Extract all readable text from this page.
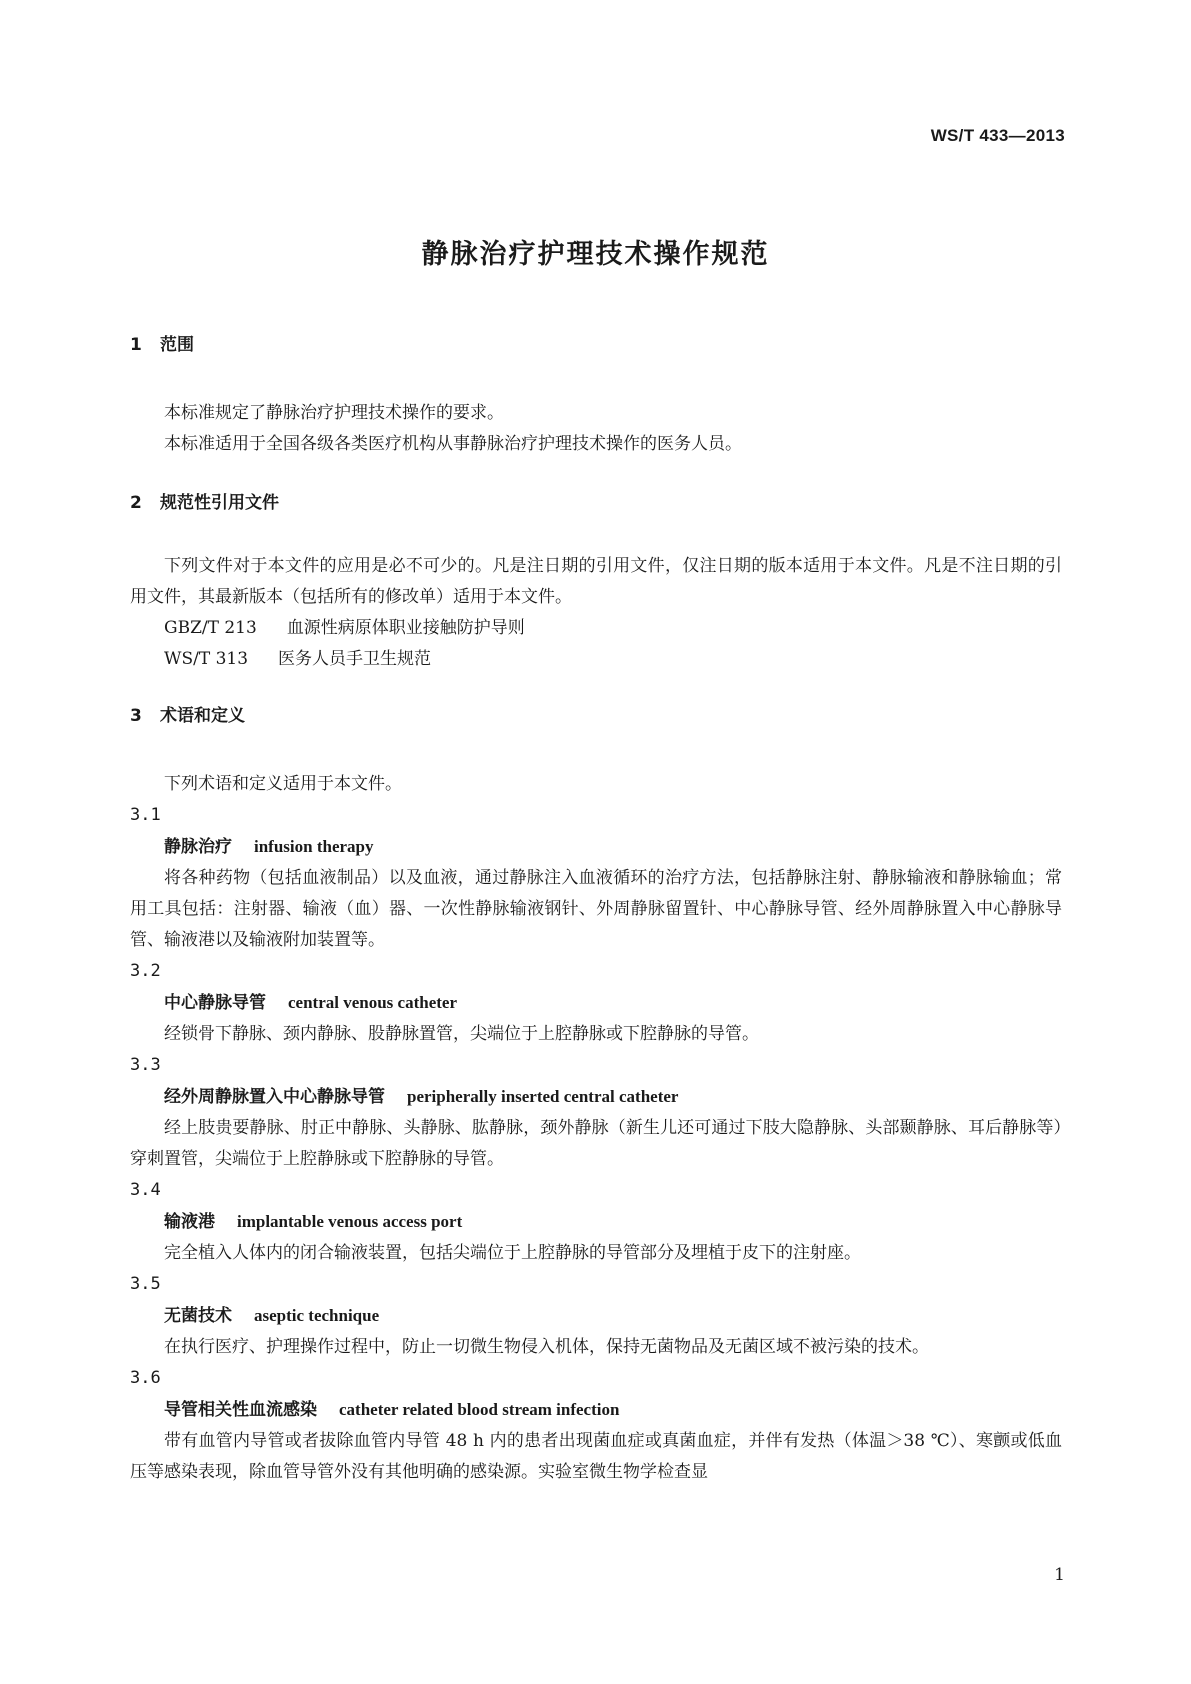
WS/T 433—2013
静脉治疗护理技术操作规范
1 范围

本标准规定了静脉治疗护理技术操作的要求。

本标准适用于全国各级各类医疗机构从事静脉治疗护理技术操作的医务人员。

2 规范性引用文件

下列文件对于本文件的应用是必不可少的。凡是注日期的引用文件，仅注日期的版本适用于本文件。凡是不注日期的引用文件，其最新版本（包括所有的修改单）适用于本文件。

GBZ/T 213 血源性病原体职业接触防护导则

WS/T 313 医务人员手卫生规范

3 术语和定义

下列术语和定义适用于本文件。

3.1
静脉治疗 infusion therapy

将各种药物（包括血液制品）以及血液，通过静脉注入血液循环的治疗方法，包括静脉注射、静脉输液和静脉输血；常用工具包括：注射器、输液（血）器、一次性静脉输液钢针、外周静脉留置针、中心静脉导管、经外周静脉置入中心静脉导管、输液港以及输液附加装置等。

3.2
中心静脉导管 central venous catheter

经锁骨下静脉、颈内静脉、股静脉置管，尖端位于上腔静脉或下腔静脉的导管。

3.3
经外周静脉置入中心静脉导管 peripherally inserted central catheter

经上肢贵要静脉、肘正中静脉、头静脉、肱静脉，颈外静脉（新生儿还可通过下肢大隐静脉、头部颞静脉、耳后静脉等）穿刺置管，尖端位于上腔静脉或下腔静脉的导管。

3.4
输液港 implantable venous access port

完全植入人体内的闭合输液装置，包括尖端位于上腔静脉的导管部分及埋植于皮下的注射座。

3.5
无菌技术 aseptic technique

在执行医疗、护理操作过程中，防止一切微生物侵入机体，保持无菌物品及无菌区域不被污染的技术。

3.6
导管相关性血流感染 catheter related blood stream infection

带有血管内导管或者拔除血管内导管 48 h 内的患者出现菌血症或真菌血症，并伴有发热（体温＞38 ℃）、寒颤或低血压等感染表现，除血管导管外没有其他明确的感染源。实验室微生物学检查显

1
